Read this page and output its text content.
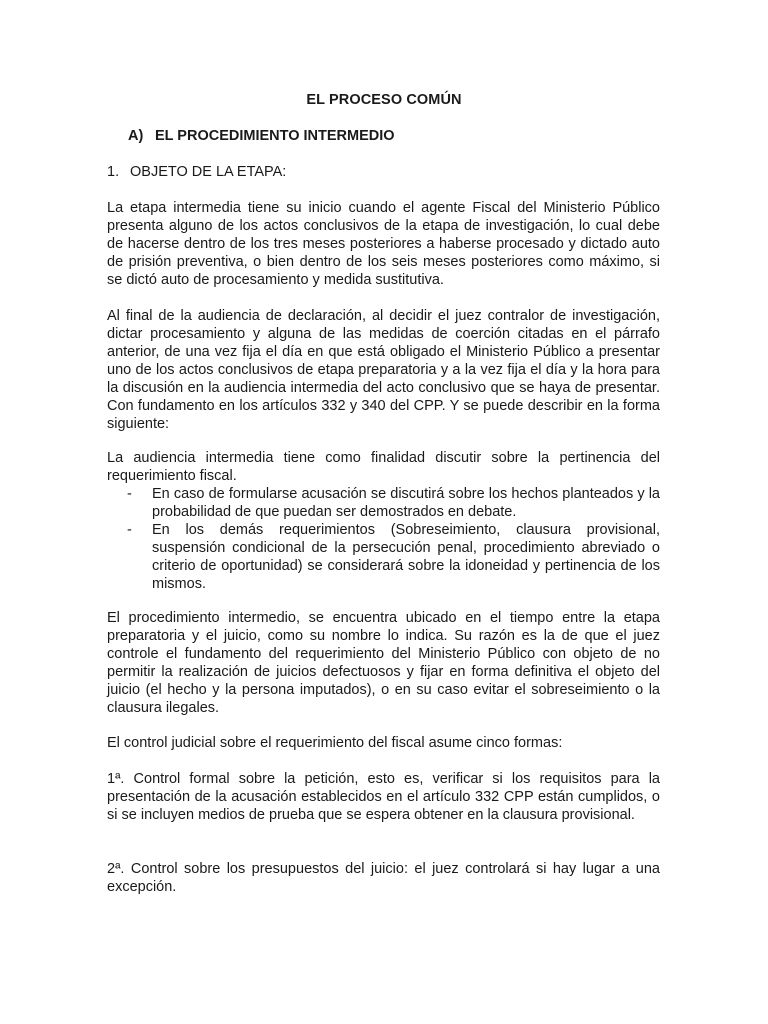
EL PROCESO COMÚN
A) EL PROCEDIMIENTO INTERMEDIO
1. OBJETO DE LA ETAPA:

La etapa intermedia tiene su inicio cuando el agente Fiscal del Ministerio Público presenta alguno de los actos conclusivos de la etapa de investigación, lo cual debe de hacerse dentro de los tres meses posteriores a haberse procesado y dictado auto de prisión preventiva, o bien dentro de los seis meses posteriores como máximo, si se dictó auto de procesamiento y medida sustitutiva.

Al final de la audiencia de declaración, al decidir el juez contralor de investigación, dictar procesamiento y alguna de las medidas de coerción citadas en el párrafo anterior, de una vez fija el día en que está obligado el Ministerio Público a presentar uno de los actos conclusivos de etapa preparatoria y a la vez fija el día y la hora para la discusión en la audiencia intermedia del acto conclusivo que se haya de presentar. Con fundamento en los artículos 332 y 340 del CPP. Y se puede describir en la forma siguiente:

La audiencia intermedia tiene como finalidad discutir sobre la pertinencia del requerimiento fiscal.

- En caso de formularse acusación se discutirá sobre los hechos planteados y la probabilidad de que puedan ser demostrados en debate.
- En los demás requerimientos (Sobreseimiento, clausura provisional, suspensión condicional de la persecución penal, procedimiento abreviado o criterio de oportunidad) se considerará sobre la idoneidad y pertinencia de los mismos.

El procedimiento intermedio, se encuentra ubicado en el tiempo entre la etapa preparatoria y el juicio, como su nombre lo indica. Su razón es la de que el juez controle el fundamento del requerimiento del Ministerio Público con objeto de no permitir la realización de juicios defectuosos y fijar en forma definitiva el objeto del juicio (el hecho y la persona imputados), o en su caso evitar el sobreseimiento o la clausura ilegales.

El control judicial sobre el requerimiento del fiscal asume cinco formas:

1ª. Control formal sobre la petición, esto es, verificar si los requisitos para la presentación de la acusación establecidos en el artículo 332 CPP están cumplidos, o si se incluyen medios de prueba que se espera obtener en la clausura provisional.

2ª. Control sobre los presupuestos del juicio: el juez controlará si hay lugar a una excepción.
